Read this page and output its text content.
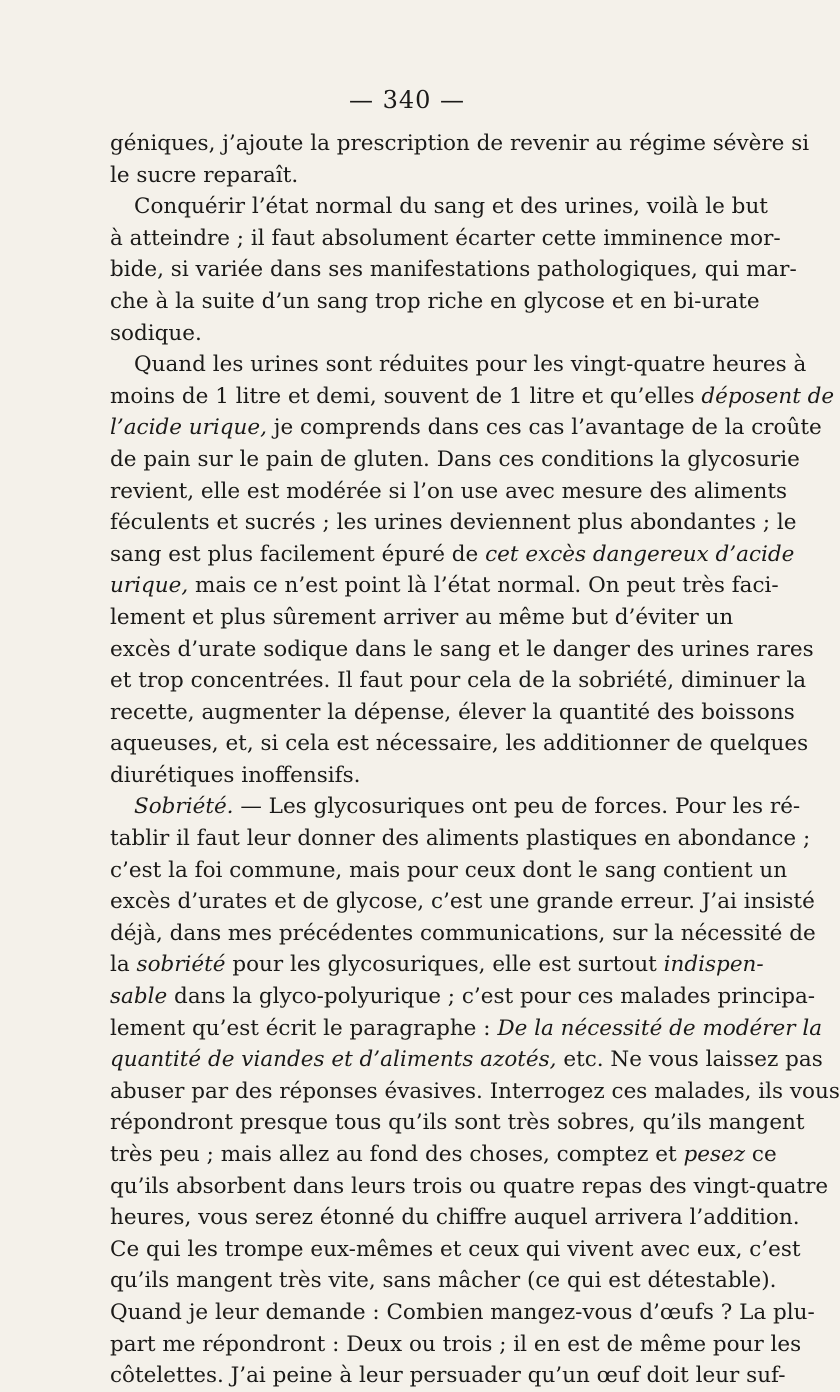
— 340 —
géniques, j’ajoute la prescription de revenir au régime sévère si
le sucre reparaît.
Conquérir l’état normal du sang et des urines, voilà le but
à atteindre ; il faut absolument écarter cette imminence mor-
bide, si variée dans ses manifestations pathologiques, qui mar-
che à la suite d’un sang trop riche en glycose et en bi-urate
sodique.
Quand les urines sont réduites pour les vingt-quatre heures à
moins de 1 litre et demi, souvent de 1 litre et qu’elles déposent de
l’acide urique, je comprends dans ces cas l’avantage de la croûte
de pain sur le pain de gluten. Dans ces conditions la glycosurie
revient, elle est modérée si l’on use avec mesure des aliments
féculents et sucrés ; les urines deviennent plus abondantes ; le
sang est plus facilement épuré de cet excès dangereux d’acide
urique, mais ce n’est point là l’état normal. On peut très faci-
lement et plus sûrement arriver au même but d’éviter un
excès d’urate sodique dans le sang et le danger des urines rares
et trop concentrées. Il faut pour cela de la sobriété, diminuer la
recette, augmenter la dépense, élever la quantité des boissons
aqueuses, et, si cela est nécessaire, les additionner de quelques
diurétiques inoffensifs.
Sobriété. — Les glycosuriques ont peu de forces. Pour les ré-
tablir il faut leur donner des aliments plastiques en abondance ;
c’est la foi commune, mais pour ceux dont le sang contient un
excès d’urates et de glycose, c’est une grande erreur. J’ai insisté
déjà, dans mes précédentes communications, sur la nécessité de
la sobriété pour les glycosuriques, elle est surtout indispen-
sable dans la glyco-polyurique ; c’est pour ces malades principa-
lement qu’est écrit le paragraphe : De la nécessité de modérer la
quantité de viandes et d’aliments azotés, etc. Ne vous laissez pas
abuser par des réponses évasives. Interrogez ces malades, ils vous
répondront presque tous qu’ils sont très sobres, qu’ils mangent
très peu ; mais allez au fond des choses, comptez et pesez ce
qu’ils absorbent dans leurs trois ou quatre repas des vingt-quatre
heures, vous serez étonné du chiffre auquel arrivera l’addition.
Ce qui les trompe eux-mêmes et ceux qui vivent avec eux, c’est
qu’ils mangent très vite, sans mâcher (ce qui est détestable).
Quand je leur demande : Combien mangez-vous d’œufs ? La plu-
part me répondront : Deux ou trois ; il en est de même pour les
côtelettes. J’ai peine à leur persuader qu’un œuf doit leur suf-
